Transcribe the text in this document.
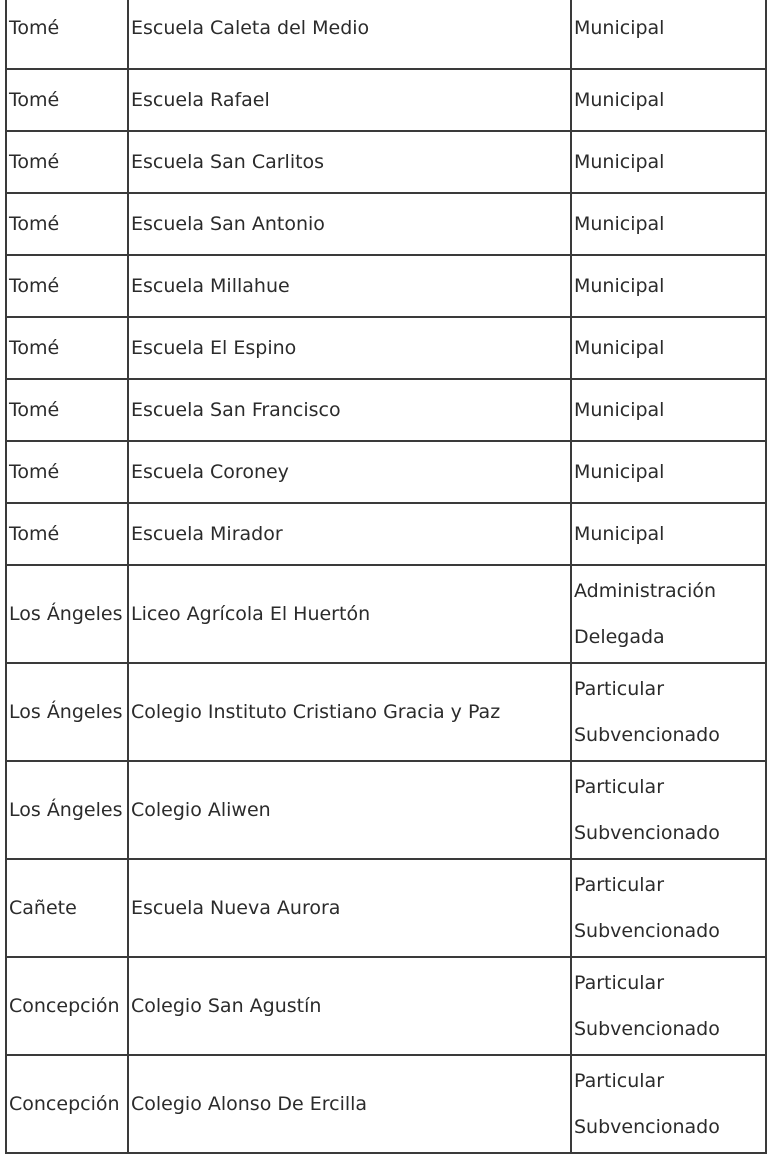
Tomé	Escuela Caleta del Medio	Municipal
Tomé	Escuela Rafael	Municipal
Tomé	Escuela San Carlitos	Municipal
Tomé	Escuela San Antonio	Municipal
Tomé	Escuela Millahue	Municipal
Tomé	Escuela El Espino	Municipal
Tomé	Escuela San Francisco	Municipal
Tomé	Escuela Coroney	Municipal
Tomé	Escuela Mirador	Municipal
Los Ángeles	Liceo Agrícola El Huertón	Administración Delegada
Los Ángeles	Colegio Instituto Cristiano Gracia y Paz	Particular Subvencionado
Los Ángeles	Colegio Aliwen	Particular Subvencionado
Cañete	Escuela Nueva Aurora	Particular Subvencionado
Concepción	Colegio San Agustín	Particular Subvencionado
Concepción	Colegio Alonso De Ercilla	Particular Subvencionado
